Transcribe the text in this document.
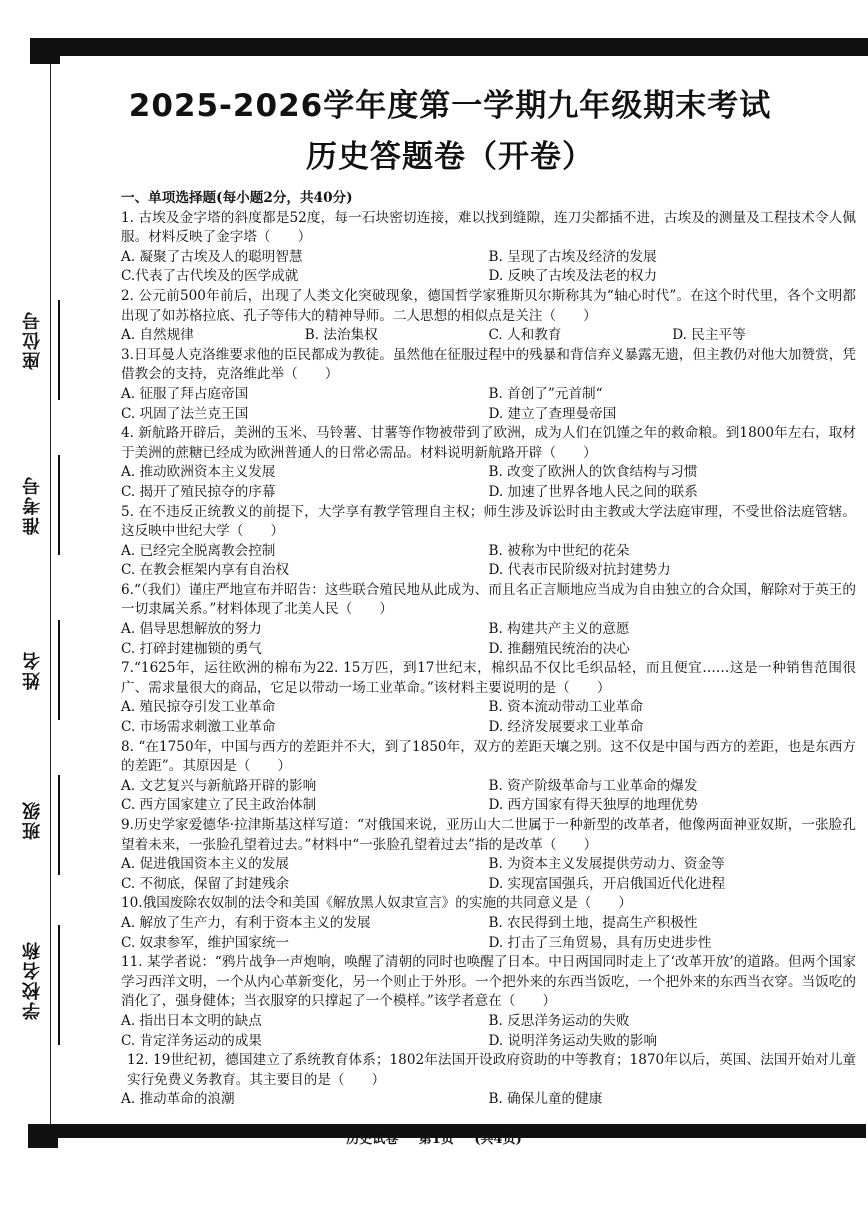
座位号
准考号
姓名
班级
学校名称
2025-2026学年度第一学期九年级期末考试
历史答题卷（开卷）
一、单项选择题(每小题2分，共40分)
1. 古埃及金字塔的斜度都是52度，每一石块密切连接，难以找到缝隙，连刀尖都插不进，古埃及的测量及工程技术令人佩服。材料反映了金字塔（　　）
A. 凝聚了古埃及人的聪明智慧	B. 呈现了古埃及经济的发展
C.代表了古代埃及的医学成就	D. 反映了古埃及法老的权力
2. 公元前500年前后，出现了人类文化突破现象，德国哲学家雅斯贝尔斯称其为“轴心时代”。在这个时代里，各个文明都出现了如苏格拉底、孔子等伟大的精神导师。二人思想的相似点是关注（　　）
A. 自然规律	B. 法治集权	C. 人和教育	D. 民主平等
3.日耳曼人克洛维要求他的臣民都成为教徒。虽然他在征服过程中的残暴和背信弃义暴露无遗，但主教仍对他大加赞赏，凭借教会的支持，克洛维此举（　　）
A. 征服了拜占庭帝国	B. 首创了”元首制“
C. 巩固了法兰克王国	D. 建立了查理曼帝国
4. 新航路开辟后，美洲的玉米、马铃薯、甘薯等作物被带到了欧洲，成为人们在饥馑之年的救命粮。到1800年左右，取材于美洲的蔗糖已经成为欧洲普通人的日常必需品。材料说明新航路开辟（　　）
A. 推动欧洲资本主义发展	B. 改变了欧洲人的饮食结构与习惯
C. 揭开了殖民掠夺的序幕	D. 加速了世界各地人民之间的联系
5. 在不违反正统教义的前提下，大学享有教学管理自主权；师生涉及诉讼时由主教或大学法庭审理，不受世俗法庭管辖。这反映中世纪大学（　　）
A. 已经完全脱离教会控制	B. 被称为中世纪的花朵
C. 在教会框架内享有自治权	D. 代表市民阶级对抗封建势力
6.“（我们）谨庄严地宣布并昭告：这些联合殖民地从此成为、而且名正言顺地应当成为自由独立的合众国，解除对于英王的一切隶属关系。”材料体现了北美人民（　　）
A. 倡导思想解放的努力	B. 构建共产主义的意愿
C. 打碎封建枷锁的勇气	D. 推翻殖民统治的决心
7.“1625年，运往欧洲的棉布为22. 15万匹，到17世纪末，棉织品不仅比毛织品轻，而且便宜……这是一种销售范围很广、需求量很大的商品，它足以带动一场工业革命。”该材料主要说明的是（　　）
A. 殖民掠夺引发工业革命	B. 资本流动带动工业革命
C. 市场需求刺激工业革命	D. 经济发展要求工业革命
8. “在1750年，中国与西方的差距并不大，到了1850年，双方的差距天壤之别。这不仅是中国与西方的差距，也是东西方的差距”。其原因是（　　）
A. 文艺复兴与新航路开辟的影响	B. 资产阶级革命与工业革命的爆发
C. 西方国家建立了民主政治体制	D. 西方国家有得天独厚的地理优势
9.历史学家爱德华·拉津斯基这样写道：“对俄国来说，亚历山大二世属于一种新型的改革者，他像两面神亚奴斯，一张脸孔望着未来，一张脸孔望着过去。”材料中“一张脸孔望着过去”指的是改革（　　）
A. 促进俄国资本主义的发展	B. 为资本主义发展提供劳动力、资金等
C. 不彻底，保留了封建残余	D. 实现富国强兵，开启俄国近代化进程
10.俄国废除农奴制的法令和美国《解放黑人奴隶宣言》的实施的共同意义是（　　）
A. 解放了生产力，有利于资本主义的发展	B. 农民得到土地，提高生产积极性
C. 奴隶参军，维护国家统一	D. 打击了三角贸易，具有历史进步性
11. 某学者说：“鸦片战争一声炮响，唤醒了清朝的同时也唤醒了日本。中日两国同时走上了‘改革开放’的道路。但两个国家学习西洋文明，一个从内心革新变化，另一个则止于外形。一个把外来的东西当饭吃，一个把外来的东西当衣穿。当饭吃的消化了，强身健体；当衣服穿的只撑起了一个模样。”该学者意在（　　）
A. 指出日本文明的缺点	B. 反思洋务运动的失败
C. 肯定洋务运动的成果	D. 说明洋务运动失败的影响
12. 19世纪初，德国建立了系统教育体系；1802年法国开设政府资助的中等教育；1870年以后，英国、法国开始对儿童实行免费义务教育。其主要目的是（　　）
A. 推动革命的浪潮	B. 确保儿童的健康
历史试卷 第1页 (共4页)
